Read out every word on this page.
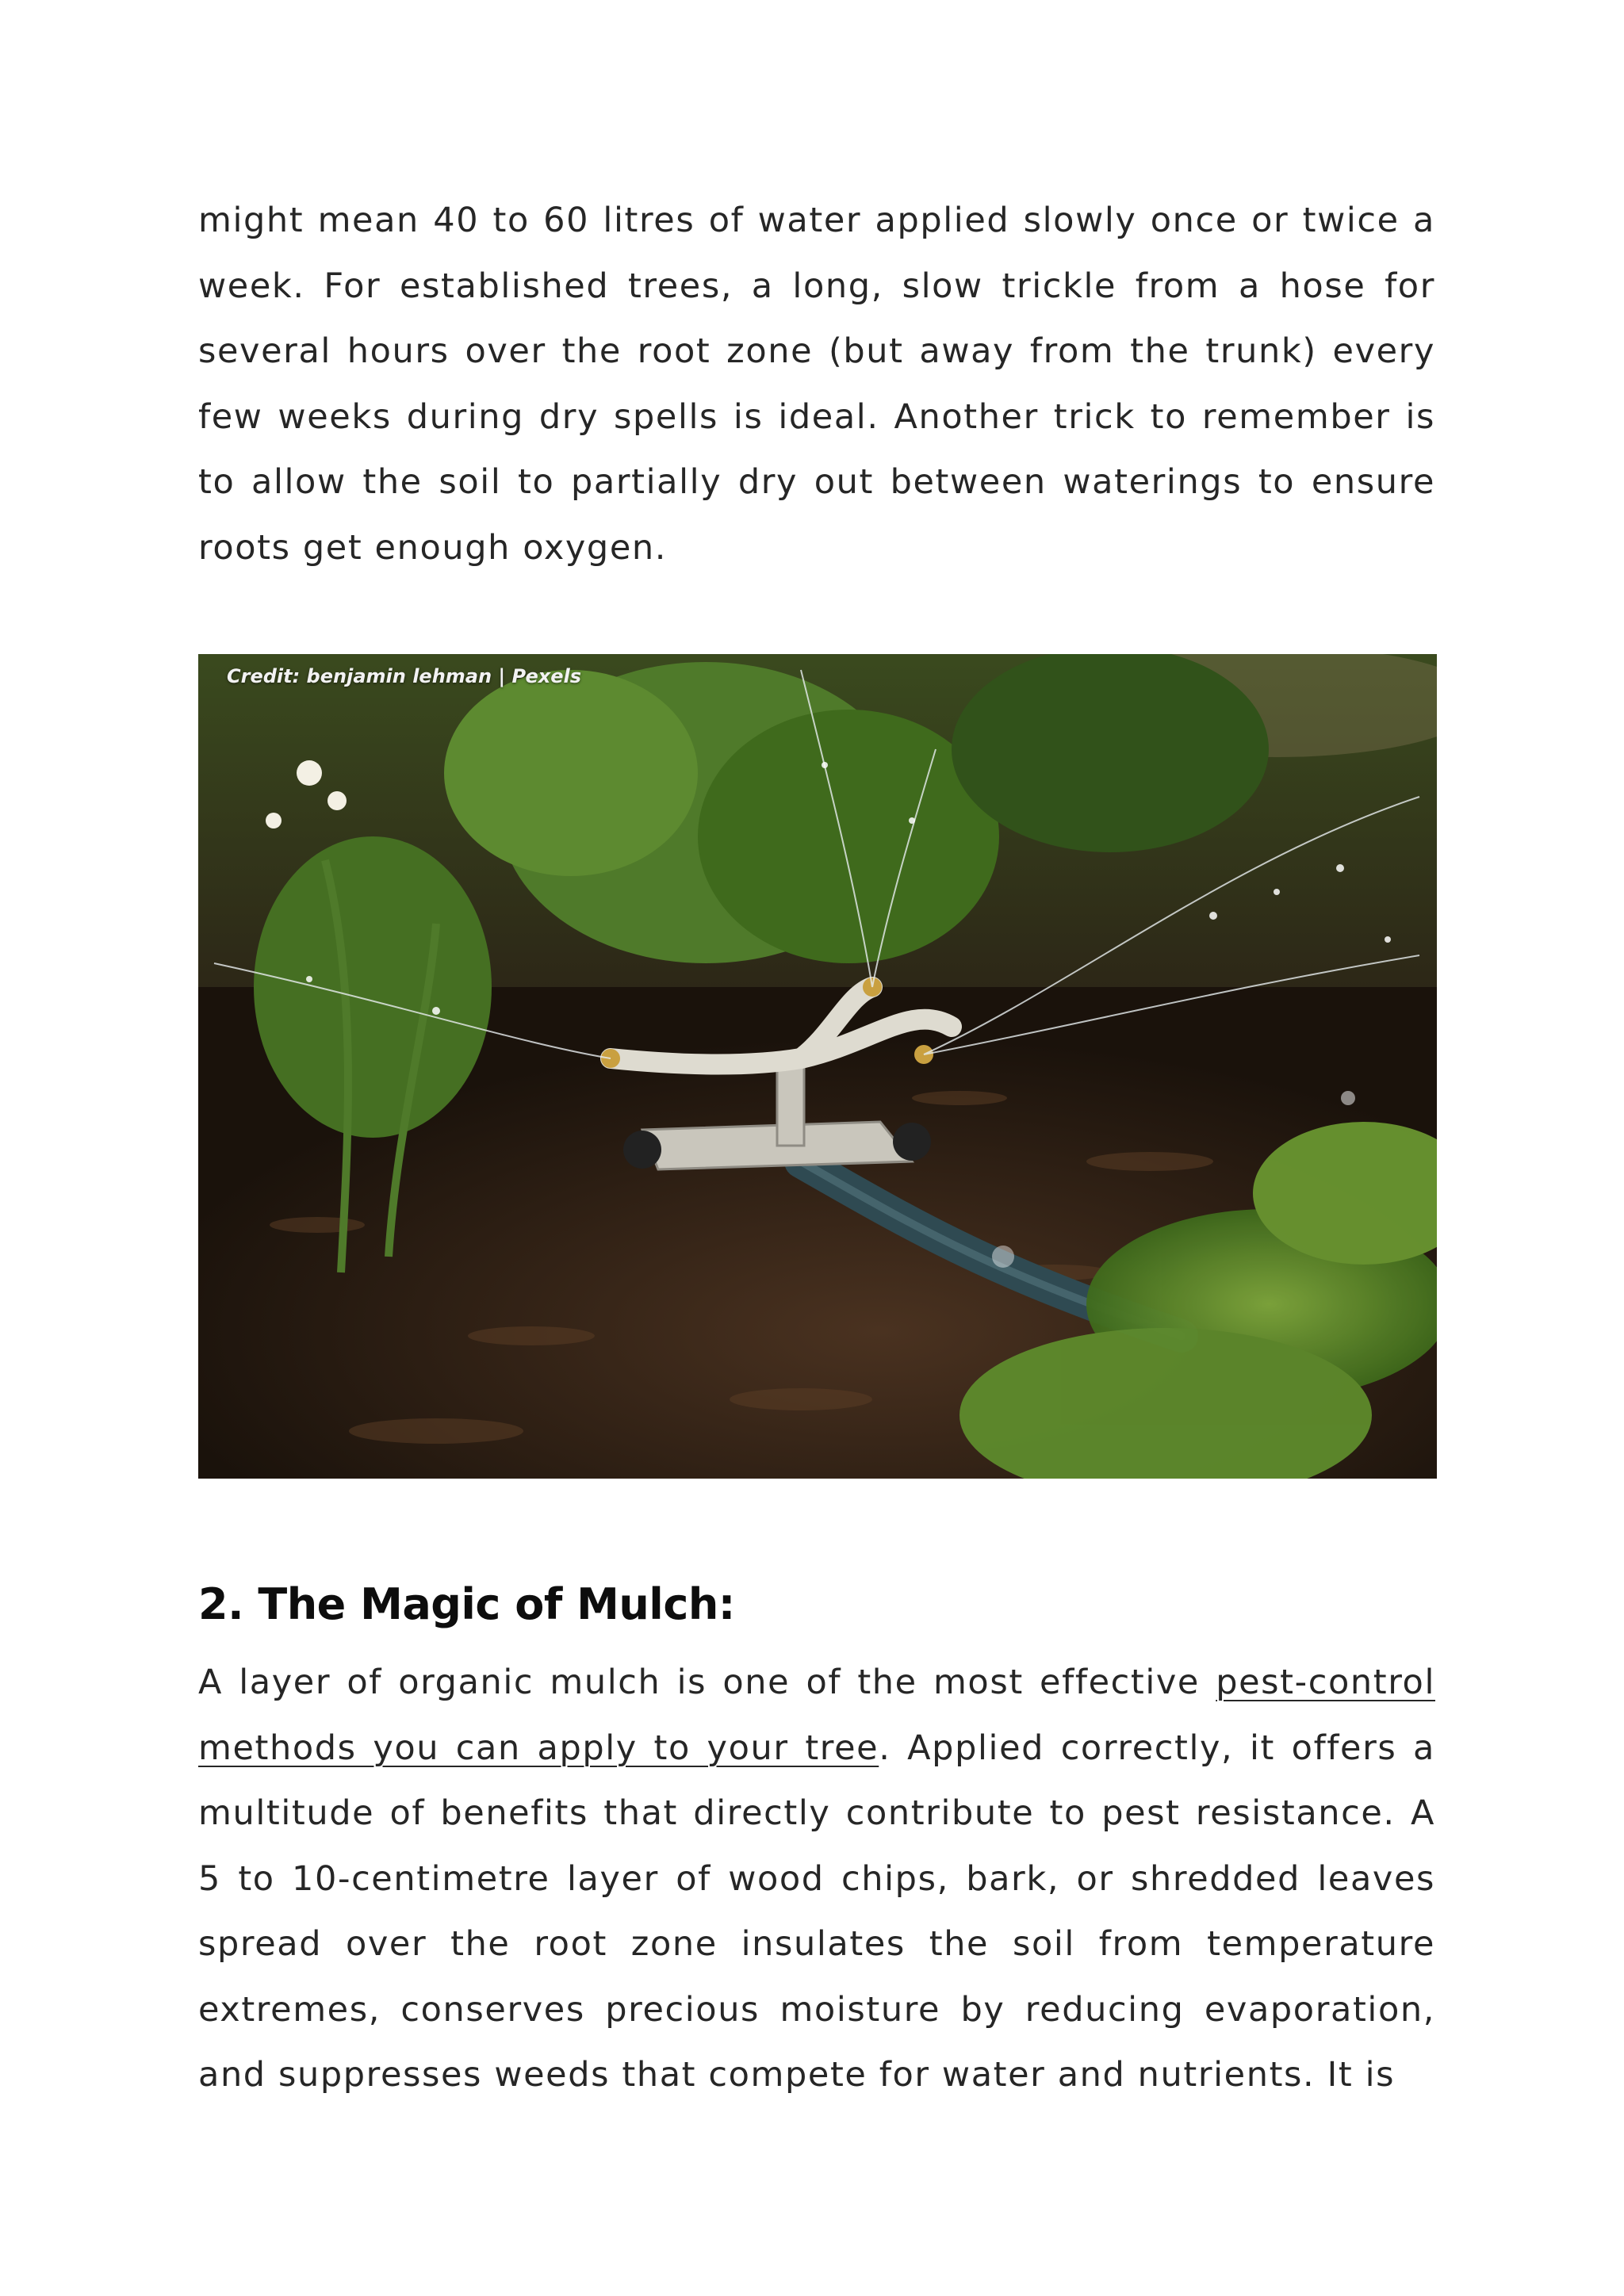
might mean 40 to 60 litres of water applied slowly once or twice a week. For established trees, a long, slow trickle from a hose for several hours over the root zone (but away from the trunk) every few weeks during dry spells is ideal. Another trick to remember is to allow the soil to partially dry out between waterings to ensure roots get enough oxygen.

Credit: benjamin lehman | Pexels
2. The Magic of Mulch:

A layer of organic mulch is one of the most effective pest-control methods you can apply to your tree. Applied correctly, it offers a multitude of benefits that directly contribute to pest resistance. A 5 to 10-centimetre layer of wood chips, bark, or shredded leaves spread over the root zone insulates the soil from temperature extremes, conserves precious moisture by reducing evaporation, and suppresses weeds that compete for water and nutrients. It is
